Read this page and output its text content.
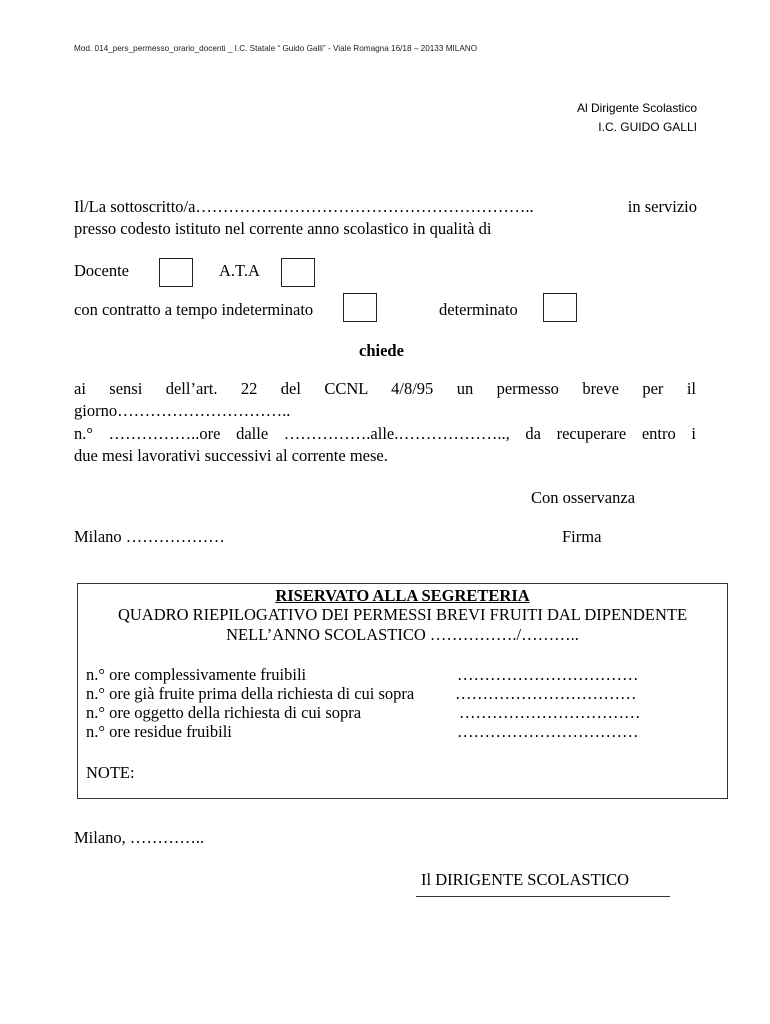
Mod. 014_pers_permesso_orario_docenti _ I.C. Statale “ Guido Galli” - Viale Romagna 16/18 – 20133 MILANO
Al Dirigente Scolastico
I.C. GUIDO GALLI
Il/La sottoscritto/a……………………………………………………..	in servizio
presso codesto istituto nel corrente anno scolastico in qualità di
Docente	A.T.A
con contratto a tempo indeterminato	determinato
chiede
ai sensi dell’art. 22 del CCNL 4/8/95 un permesso breve per il
giorno…………………………..
n.° ……………..ore dalle …………….alle.……………….., da recuperare entro i
due mesi lavorativi successivi al corrente mese.
Con osservanza
Milano ………………	Firma
RISERVATO ALLA SEGRETERIA
QUADRO RIEPILOGATIVO DEI PERMESSI BREVI FRUITI DAL DIPENDENTE
NELL’ANNO SCOLASTICO ……………./………..
n.° ore complessivamente fruibili	……………………………
n.° ore già fruite prima della richiesta di cui sopra ……………………………
n.° ore oggetto della richiesta di cui sopra	……………………………
n.° ore residue fruibili	……………………………
NOTE:
Milano, …………..
Il DIRIGENTE SCOLASTICO
